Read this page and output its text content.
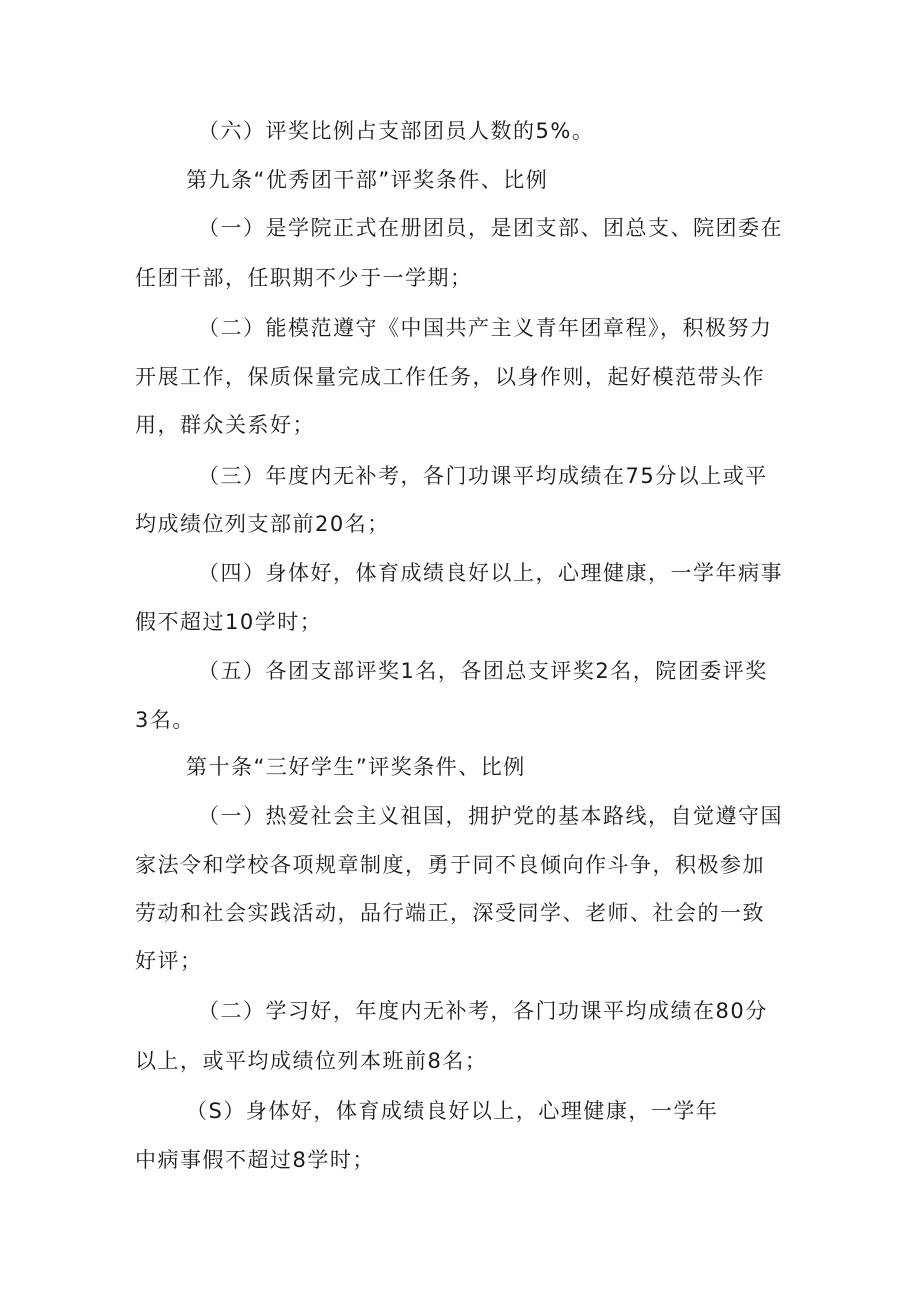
（六）评奖比例占支部团员人数的5%。
第九条“优秀团干部”评奖条件、比例
（一）是学院正式在册团员，是团支部、团总支、院团委在
任团干部，任职期不少于一学期；
（二）能模范遵守《中国共产主义青年团章程》，积极努力
开展工作，保质保量完成工作任务，以身作则，起好模范带头作
用，群众关系好；
（三）年度内无补考，各门功课平均成绩在75分以上或平
均成绩位列支部前20名；
（四）身体好，体育成绩良好以上，心理健康，一学年病事
假不超过10学时；
（五）各团支部评奖1名，各团总支评奖2名，院团委评奖
3名。
第十条“三好学生”评奖条件、比例
（一）热爱社会主义祖国，拥护党的基本路线，自觉遵守国
家法令和学校各项规章制度，勇于同不良倾向作斗争，积极参加
劳动和社会实践活动，品行端正，深受同学、老师、社会的一致
好评；
（二）学习好，年度内无补考，各门功课平均成绩在80分
以上，或平均成绩位列本班前8名；
（S）身体好，体育成绩良好以上，心理健康，一学年
中病事假不超过8学时；
